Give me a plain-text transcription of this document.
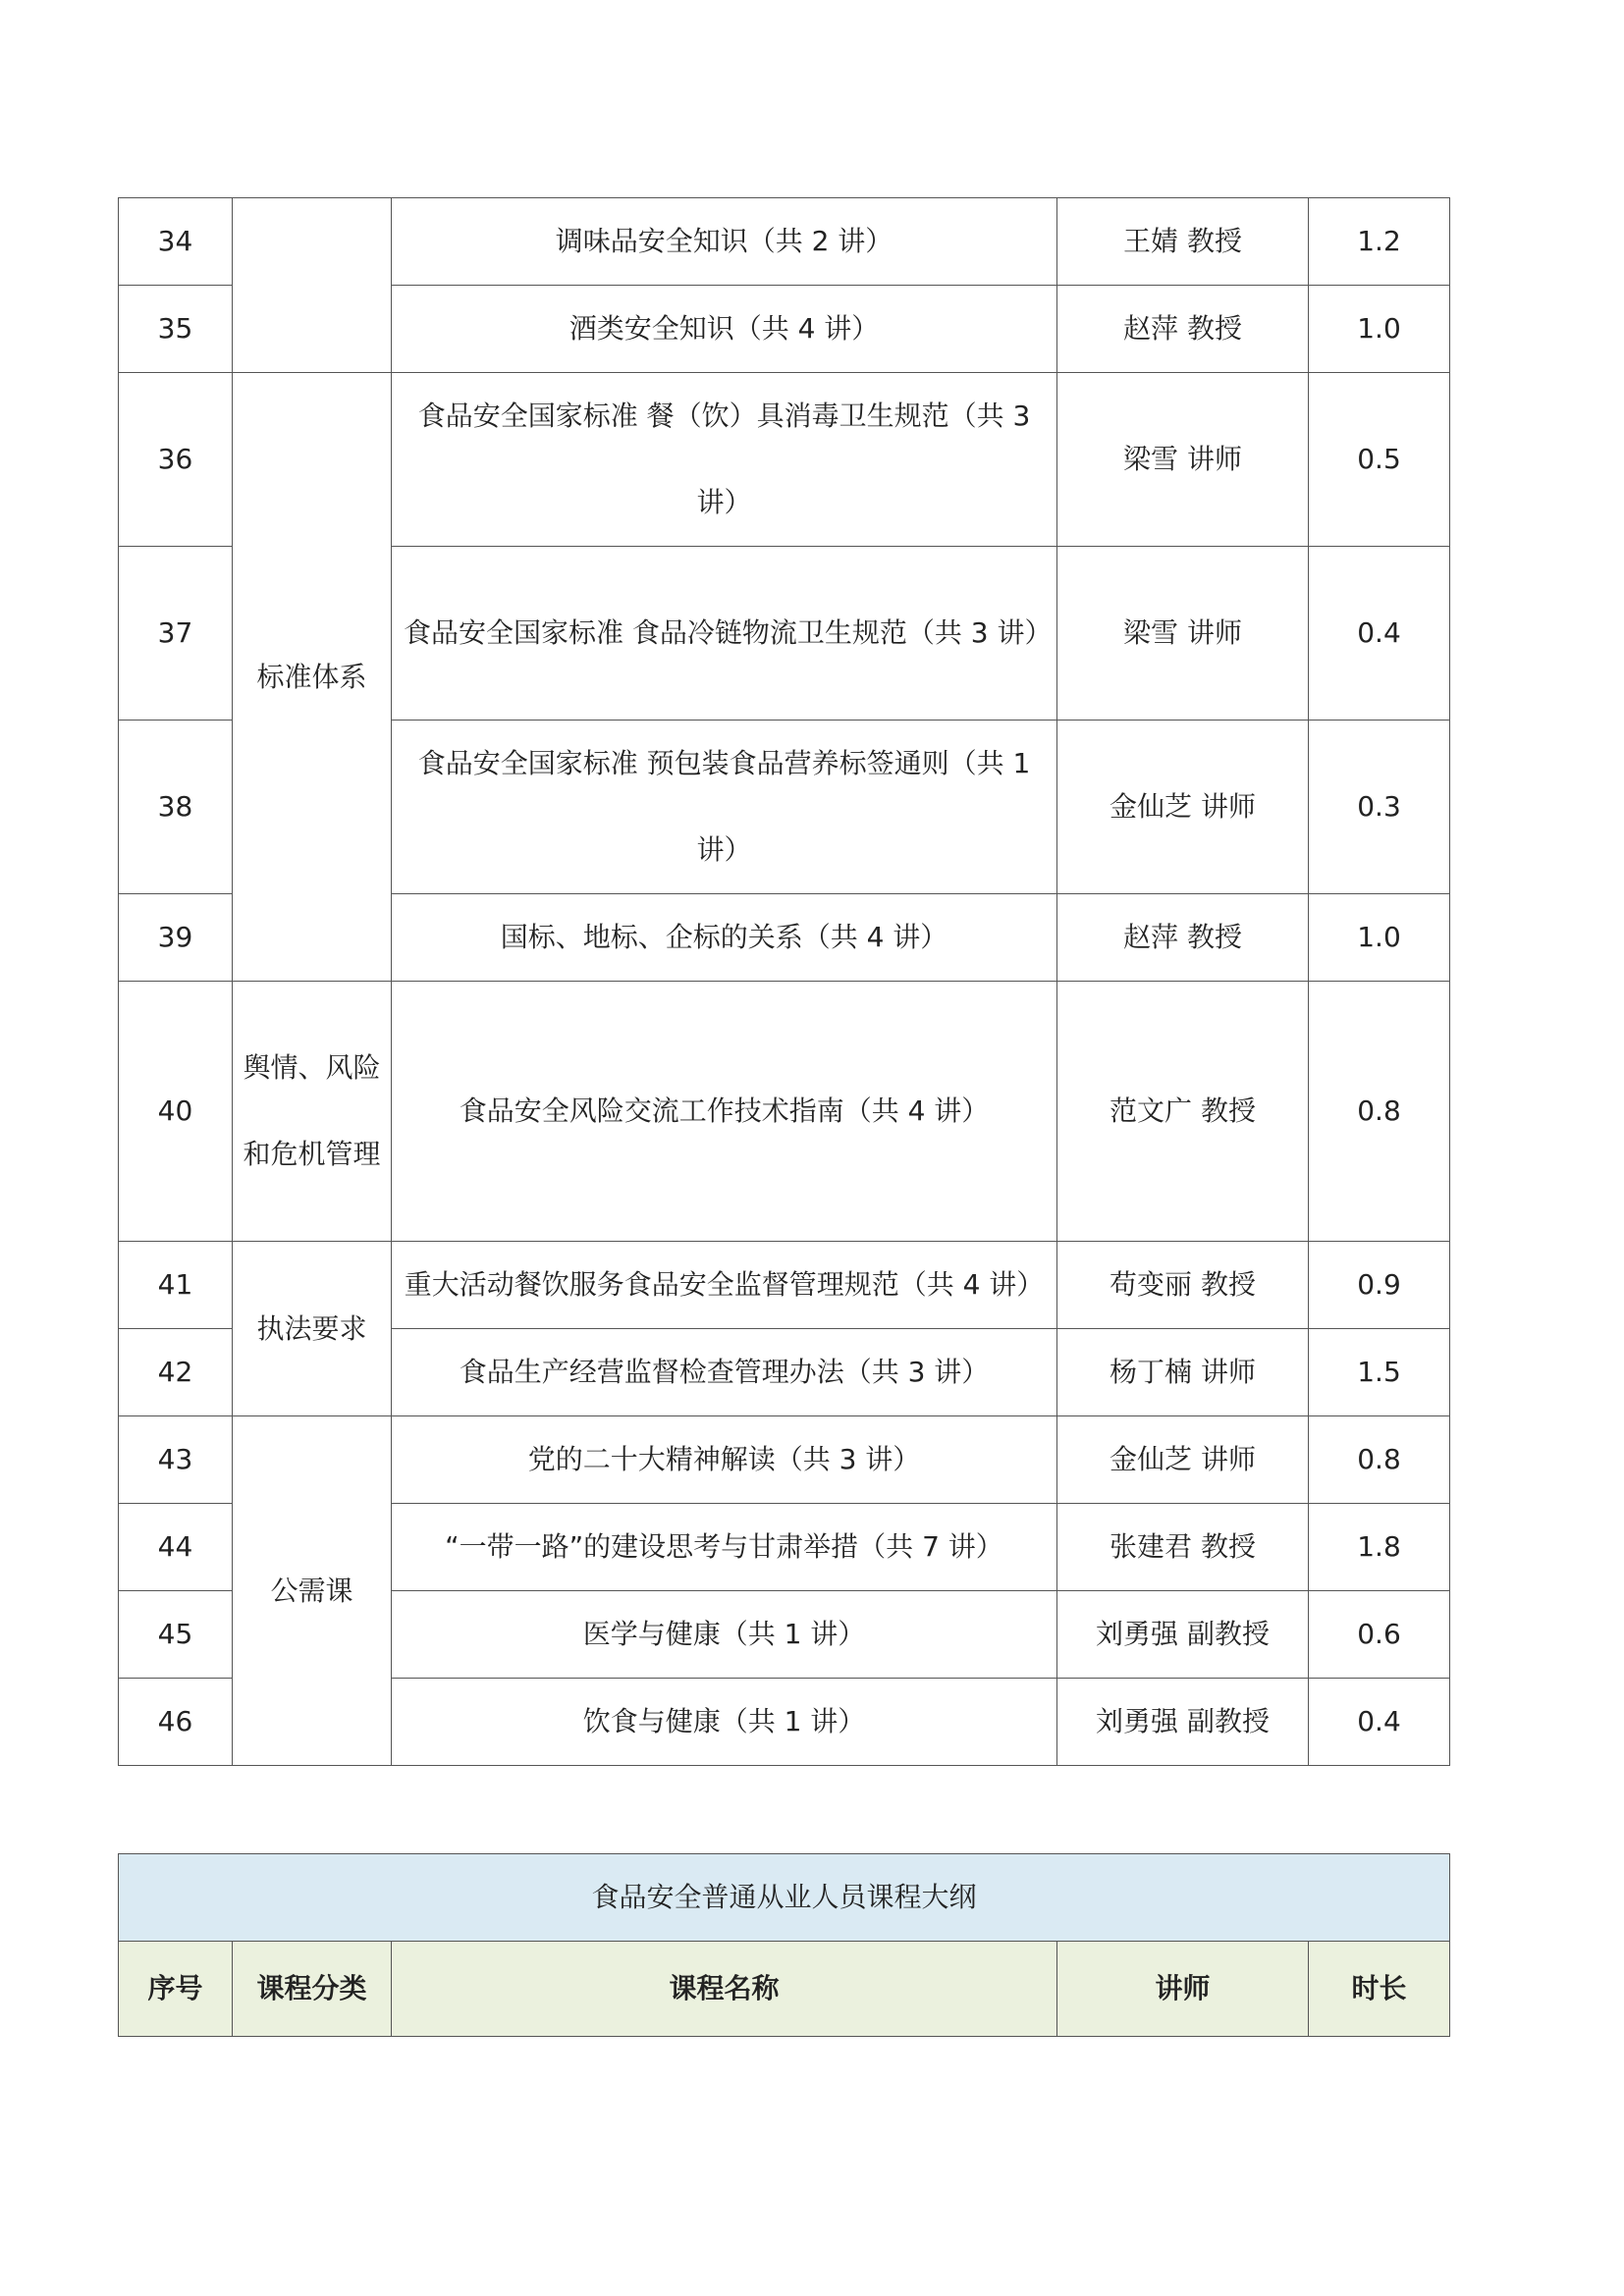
34		调味品安全知识（共 2 讲）	王婧 教授	1.2
35		酒类安全知识（共 4 讲）	赵萍 教授	1.0
36	标准体系	食品安全国家标准 餐（饮）具消毒卫生规范（共 3 讲）	梁雪 讲师	0.5
37		食品安全国家标准 食品冷链物流卫生规范（共 3 讲）	梁雪 讲师	0.4
38		食品安全国家标准 预包装食品营养标签通则（共 1 讲）	金仙芝 讲师	0.3
39		国标、地标、企标的关系（共 4 讲）	赵萍 教授	1.0
40	舆情、风险和危机管理	食品安全风险交流工作技术指南（共 4 讲）	范文广 教授	0.8
41	执法要求	重大活动餐饮服务食品安全监督管理规范（共 4 讲）	苟变丽 教授	0.9
42		食品生产经营监督检查管理办法（共 3 讲）	杨丁楠 讲师	1.5
43	公需课	党的二十大精神解读（共 3 讲）	金仙芝 讲师	0.8
44		“一带一路”的建设思考与甘肃举措（共 7 讲）	张建君 教授	1.8
45		医学与健康（共 1 讲）	刘勇强 副教授	0.6
46		饮食与健康（共 1 讲）	刘勇强 副教授	0.4
食品安全普通从业人员课程大纲
序号	课程分类	课程名称	讲师	时长
